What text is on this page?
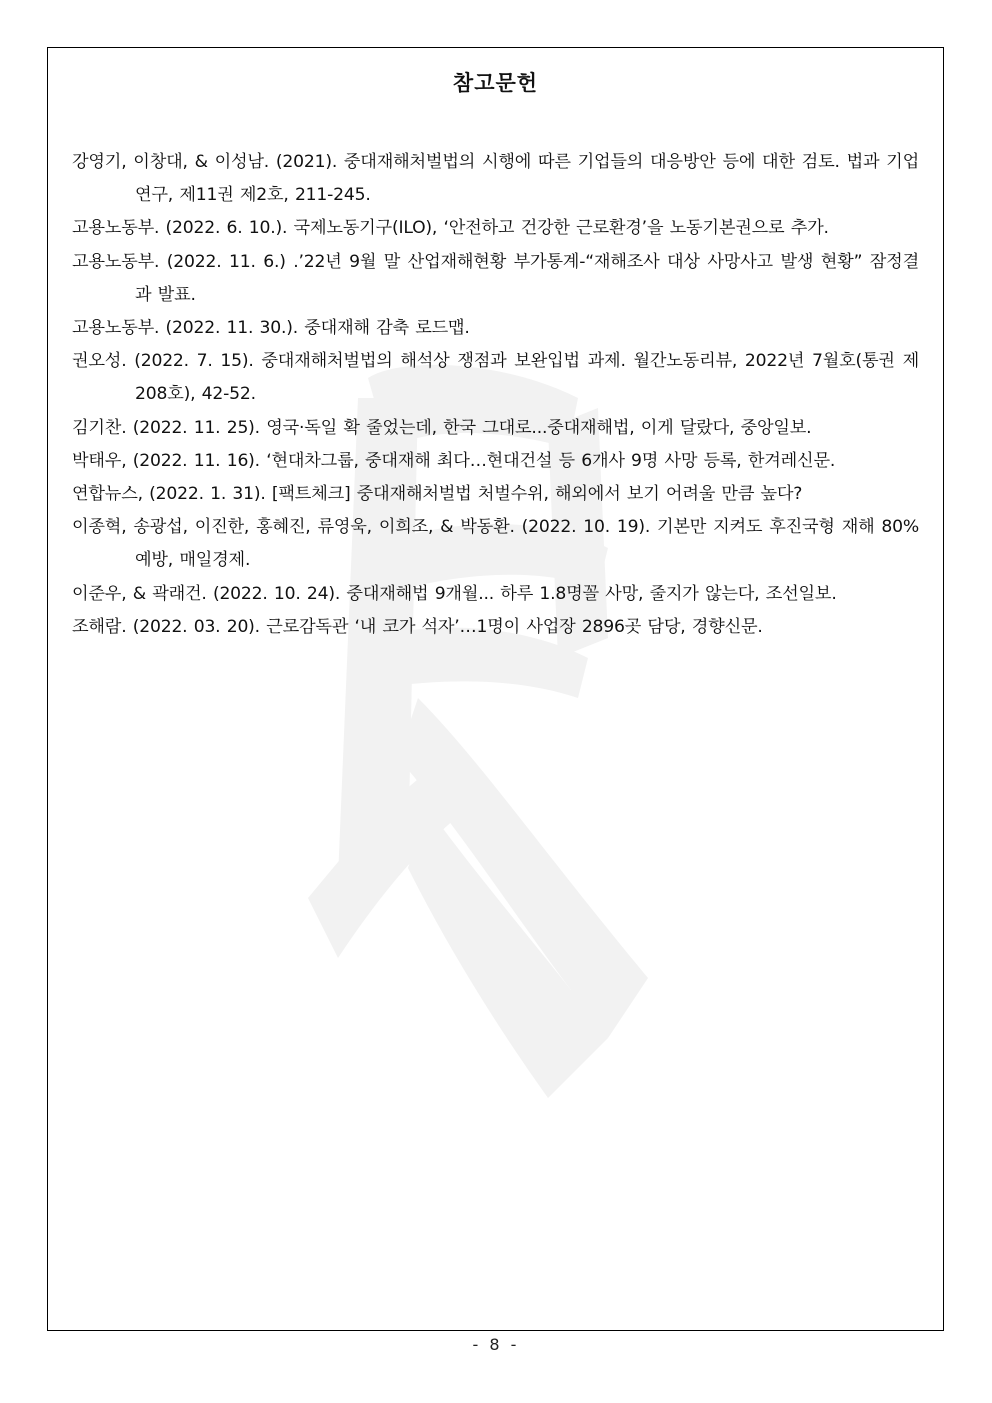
참고문헌
강영기, 이창대, & 이성남. (2021). 중대재해처벌법의 시행에 따른 기업들의 대응방안 등에 대한 검토. 법과 기업 연구, 제11권 제2호, 211-245.
고용노동부. (2022. 6. 10.). 국제노동기구(ILO), ‘안전하고 건강한 근로환경’을 노동기본권으로 추가.
고용노동부. (2022. 11. 6.) .’22년 9월 말 산업재해현황 부가통계-“재해조사 대상 사망사고 발생 현황” 잠정결과 발표.
고용노동부. (2022. 11. 30.). 중대재해 감축 로드맵.
권오성. (2022. 7. 15). 중대재해처벌법의 해석상 쟁점과 보완입법 과제. 월간노동리뷰, 2022년 7월호(통권 제208호), 42-52.
김기찬. (2022. 11. 25). 영국·독일 확 줄었는데, 한국 그대로...중대재해법, 이게 달랐다, 중앙일보.
박태우, (2022. 11. 16). ‘현대차그룹, 중대재해 최다…현대건설 등 6개사 9명 사망 등록, 한겨레신문.
연합뉴스, (2022. 1. 31). [팩트체크] 중대재해처벌법 처벌수위, 해외에서 보기 어려울 만큼 높다?
이종혁, 송광섭, 이진한, 홍혜진, 류영욱, 이희조, & 박동환. (2022. 10. 19). 기본만 지켜도 후진국형 재해 80% 예방, 매일경제.
이준우, & 곽래건. (2022. 10. 24). 중대재해법 9개월... 하루 1.8명꼴 사망, 줄지가 않는다, 조선일보.
조해람. (2022. 03. 20). 근로감독관 ‘내 코가 석자’…1명이 사업장 2896곳 담당, 경향신문.
- 8 -
